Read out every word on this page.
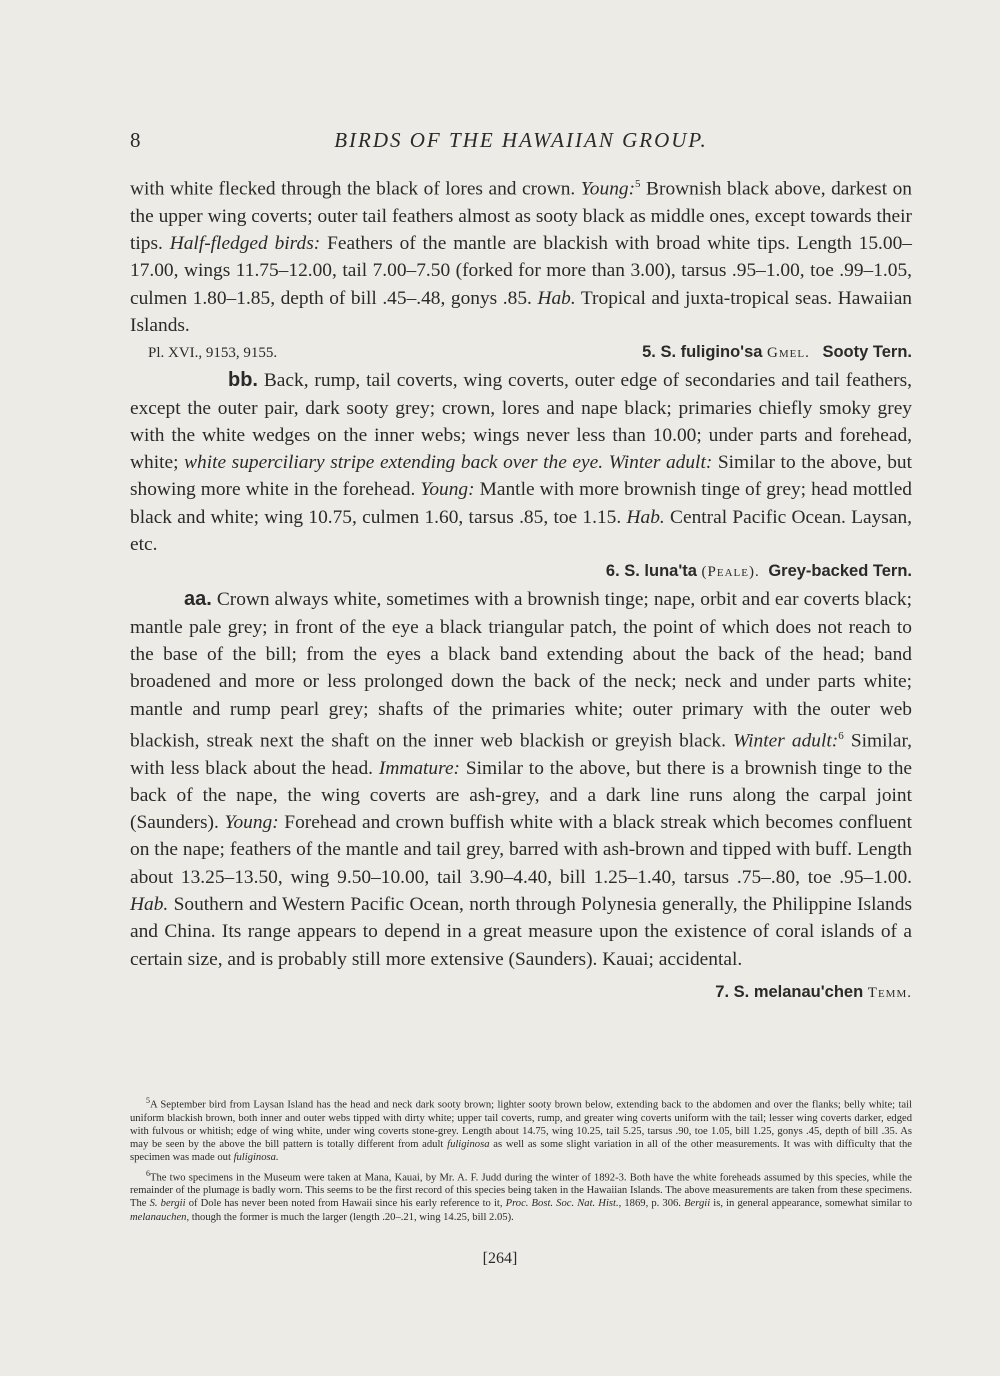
8	BIRDS OF THE HAWAIIAN GROUP.

with white flecked through the black of lores and crown. Young:$^5$ Brownish black above, darkest on the upper wing coverts; outer tail feathers almost as sooty black as middle ones, except towards their tips. Half-fledged birds: Feathers of the mantle are blackish with broad white tips. Length 15.00–17.00, wings 11.75–12.00, tail 7.00–7.50 (forked for more than 3.00), tarsus .95–1.00, toe .99–1.05, culmen 1.80–1.85, depth of bill .45–.48, gonys .85. Hab. Tropical and juxta-tropical seas. Hawaiian Islands.

Pl. XVI., 9153, 9155.	5. S. fuligino'sa Gmel. Sooty Tern.

bb. Back, rump, tail coverts, wing coverts, outer edge of secondaries and tail feathers, except the outer pair, dark sooty grey; crown, lores and nape black; primaries chiefly smoky grey with the white wedges on the inner webs; wings never less than 10.00; under parts and forehead, white; white superciliary stripe extending back over the eye. Winter adult: Similar to the above, but showing more white in the forehead. Young: Mantle with more brownish tinge of grey; head mottled black and white; wing 10.75, culmen 1.60, tarsus .85, toe 1.15. Hab. Central Pacific Ocean. Laysan, etc.

6. S. luna'ta (Peale). Grey-backed Tern.

aa. Crown always white, sometimes with a brownish tinge; nape, orbit and ear coverts black; mantle pale grey; in front of the eye a black triangular patch, the point of which does not reach to the base of the bill; from the eyes a black band extending about the back of the head; band broadened and more or less prolonged down the back of the neck; neck and under parts white; mantle and rump pearl grey; shafts of the primaries white; outer primary with the outer web blackish, streak next the shaft on the inner web blackish or greyish black. Winter adult:$^6$ Similar, with less black about the head. Immature: Similar to the above, but there is a brownish tinge to the back of the nape, the wing coverts are ash-grey, and a dark line runs along the carpal joint (Saunders). Young: Forehead and crown buffish white with a black streak which becomes confluent on the nape; feathers of the mantle and tail grey, barred with ash-brown and tipped with buff. Length about 13.25–13.50, wing 9.50–10.00, tail 3.90–4.40, bill 1.25–1.40, tarsus .75–.80, toe .95–1.00. Hab. Southern and Western Pacific Ocean, north through Polynesia generally, the Philippine Islands and China. Its range appears to depend in a great measure upon the existence of coral islands of a certain size, and is probably still more extensive (Saunders). Kauai; accidental.

7. S. melanau'chen Temm.

$^5$A September bird from Laysan Island has the head and neck dark sooty brown; lighter sooty brown below, extending back to the abdomen and over the flanks; belly white; tail uniform blackish brown, both inner and outer webs tipped with dirty white; upper tail coverts, rump, and greater wing coverts uniform with the tail; lesser wing coverts darker, edged with fulvous or whitish; edge of wing white, under wing coverts stone-grey. Length about 14.75, wing 10.25, tail 5.25, tarsus .90, toe 1.05, bill 1.25, gonys .45, depth of bill .35. As may be seen by the above the bill pattern is totally different from adult fuliginosa as well as some slight variation in all of the other measurements. It was with difficulty that the specimen was made out fuliginosa.

$^6$The two specimens in the Museum were taken at Mana, Kauai, by Mr. A. F. Judd during the winter of 1892-3. Both have the white foreheads assumed by this species, while the remainder of the plumage is badly worn. This seems to be the first record of this species being taken in the Hawaiian Islands. The above measurements are taken from these specimens. The S. bergii of Dole has never been noted from Hawaii since his early reference to it, Proc. Bost. Soc. Nat. Hist., 1869, p. 306. Bergii is, in general appearance, somewhat similar to melanauchen, though the former is much the larger (length .20–.21, wing 14.25, bill 2.05).

[264]
